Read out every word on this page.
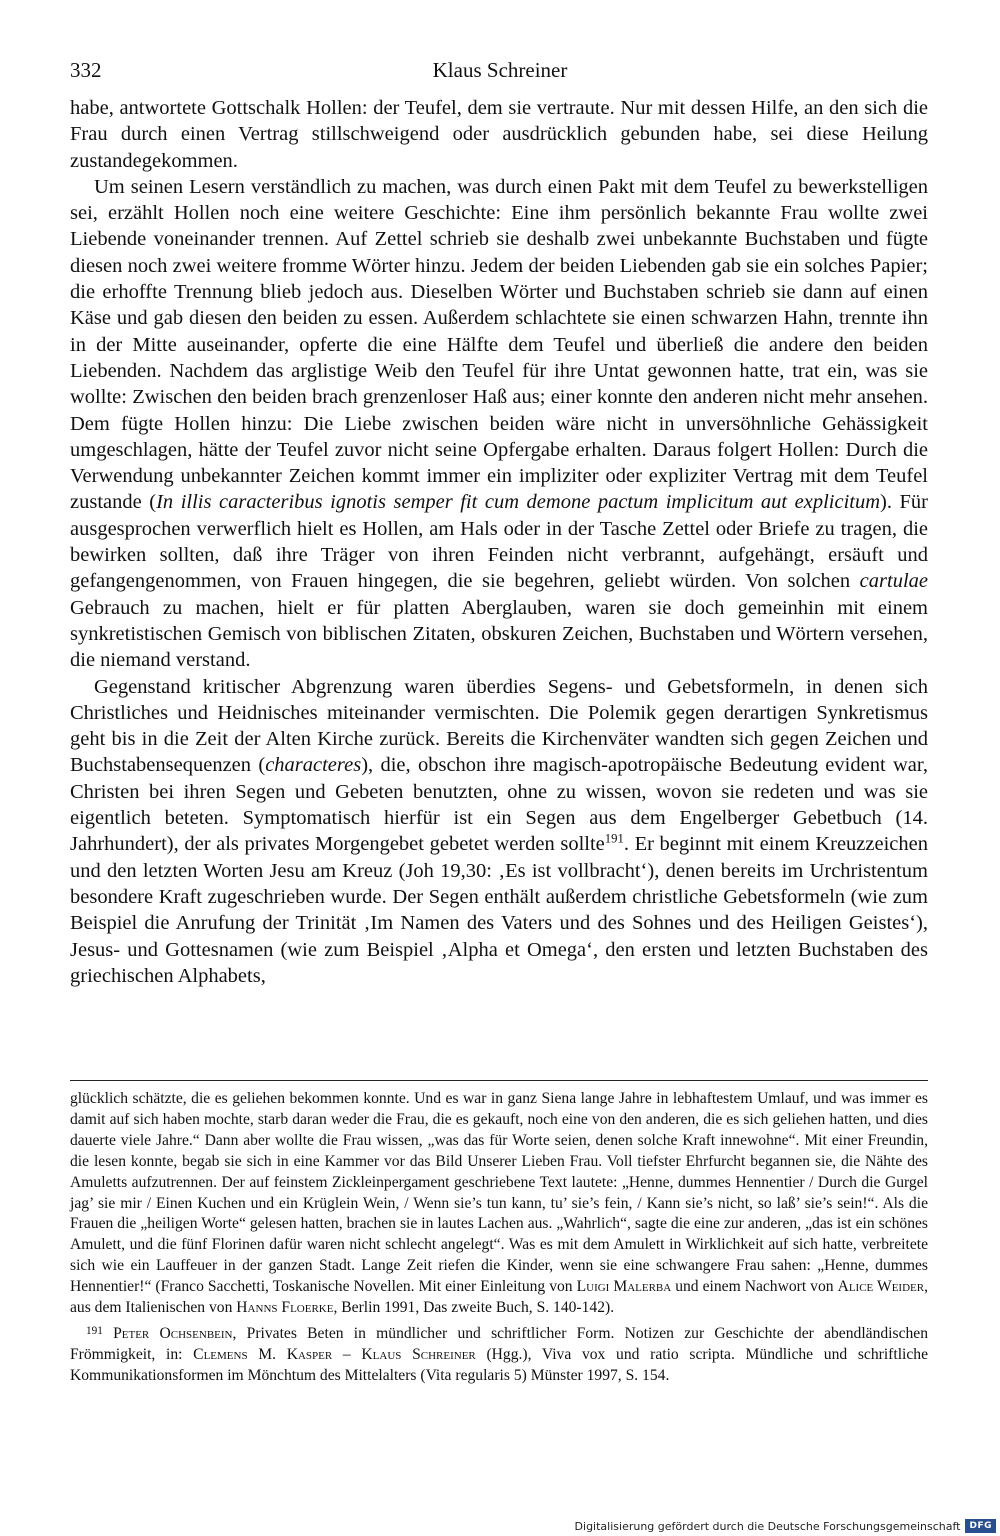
332	Klaus Schreiner

habe, antwortete Gottschalk Hollen: der Teufel, dem sie vertraute. Nur mit dessen Hilfe, an den sich die Frau durch einen Vertrag stillschweigend oder ausdrücklich gebunden habe, sei diese Heilung zustandegekommen.

Um seinen Lesern verständlich zu machen, was durch einen Pakt mit dem Teufel zu bewerkstelligen sei, erzählt Hollen noch eine weitere Geschichte: Eine ihm persönlich bekannte Frau wollte zwei Liebende voneinander trennen. Auf Zettel schrieb sie deshalb zwei unbekannte Buchstaben und fügte diesen noch zwei weitere fromme Wörter hinzu. Jedem der beiden Liebenden gab sie ein solches Papier; die erhoffte Trennung blieb jedoch aus. Dieselben Wörter und Buchstaben schrieb sie dann auf einen Käse und gab diesen den beiden zu essen. Außerdem schlachtete sie einen schwarzen Hahn, trennte ihn in der Mitte auseinander, opferte die eine Hälfte dem Teufel und überließ die andere den beiden Liebenden. Nachdem das arglistige Weib den Teufel für ihre Untat gewonnen hatte, trat ein, was sie wollte: Zwischen den beiden brach grenzenloser Haß aus; einer konnte den anderen nicht mehr ansehen. Dem fügte Hollen hinzu: Die Liebe zwischen beiden wäre nicht in unversöhnliche Gehässigkeit umgeschlagen, hätte der Teufel zuvor nicht seine Opfergabe erhalten. Daraus folgert Hollen: Durch die Verwendung unbekannter Zeichen kommt immer ein impliziter oder expliziter Vertrag mit dem Teufel zustande (In illis caracteribus ignotis semper fit cum demone pactum implicitum aut explicitum). Für ausgesprochen verwerflich hielt es Hollen, am Hals oder in der Tasche Zettel oder Briefe zu tragen, die bewirken sollten, daß ihre Träger von ihren Feinden nicht verbrannt, aufgehängt, ersäuft und gefangengenommen, von Frauen hingegen, die sie begehren, geliebt würden. Von solchen cartulae Gebrauch zu machen, hielt er für platten Aberglauben, waren sie doch gemeinhin mit einem synkretistischen Gemisch von biblischen Zitaten, obskuren Zeichen, Buchstaben und Wörtern versehen, die niemand verstand.

Gegenstand kritischer Abgrenzung waren überdies Segens- und Gebetsformeln, in denen sich Christliches und Heidnisches miteinander vermischten. Die Polemik gegen derartigen Synkretismus geht bis in die Zeit der Alten Kirche zurück. Bereits die Kirchenväter wandten sich gegen Zeichen und Buchstabensequenzen (characteres), die, obschon ihre magisch-apotropäische Bedeutung evident war, Christen bei ihren Segen und Gebeten benutzten, ohne zu wissen, wovon sie redeten und was sie eigentlich beteten. Symptomatisch hierfür ist ein Segen aus dem Engelberger Gebetbuch (14. Jahrhundert), der als privates Morgengebet gebetet werden sollte$^{191}$. Er beginnt mit einem Kreuzzeichen und den letzten Worten Jesu am Kreuz (Joh 19,30: ‚Es ist vollbracht‘), denen bereits im Urchristentum besondere Kraft zugeschrieben wurde. Der Segen enthält außerdem christliche Gebetsformeln (wie zum Beispiel die Anrufung der Trinität ‚Im Namen des Vaters und des Sohnes und des Heiligen Geistes‘), Jesus- und Gottesnamen (wie zum Beispiel ‚Alpha et Omega‘, den ersten und letzten Buchstaben des griechischen Alphabets,

glücklich schätzte, die es geliehen bekommen konnte. Und es war in ganz Siena lange Jahre in lebhaftestem Umlauf, und was immer es damit auf sich haben mochte, starb daran weder die Frau, die es gekauft, noch eine von den anderen, die es sich geliehen hatten, und dies dauerte viele Jahre.“ Dann aber wollte die Frau wissen, „was das für Worte seien, denen solche Kraft innewohne“. Mit einer Freundin, die lesen konnte, begab sie sich in eine Kammer vor das Bild Unserer Lieben Frau. Voll tiefster Ehrfurcht begannen sie, die Nähte des Amuletts aufzutrennen. Der auf feinstem Zickleinpergament geschriebene Text lautete: „Henne, dummes Hennentier / Durch die Gurgel jag’ sie mir / Einen Kuchen und ein Krüglein Wein, / Wenn sie’s tun kann, tu’ sie’s fein, / Kann sie’s nicht, so laß’ sie’s sein!“. Als die Frauen die „heiligen Worte“ gelesen hatten, brachen sie in lautes Lachen aus. „Wahrlich“, sagte die eine zur anderen, „das ist ein schönes Amulett, und die fünf Florinen dafür waren nicht schlecht angelegt“. Was es mit dem Amulett in Wirklichkeit auf sich hatte, verbreitete sich wie ein Lauffeuer in der ganzen Stadt. Lange Zeit riefen die Kinder, wenn sie eine schwangere Frau sahen: „Henne, dummes Hennentier!“ (Franco Sacchetti, Toskanische Novellen. Mit einer Einleitung von Luigi Malerba und einem Nachwort von Alice Weider, aus dem Italienischen von Hanns Floerke, Berlin 1991, Das zweite Buch, S. 140-142).

$^{191}$ Peter Ochsenbein, Privates Beten in mündlicher und schriftlicher Form. Notizen zur Geschichte der abendländischen Frömmigkeit, in: Clemens M. Kasper – Klaus Schreiner (Hgg.), Viva vox und ratio scripta. Mündliche und schriftliche Kommunikationsformen im Mönchtum des Mittelalters (Vita regularis 5) Münster 1997, S. 154.

Digitalisierung gefördert durch die Deutsche Forschungsgemeinschaft	DFG
